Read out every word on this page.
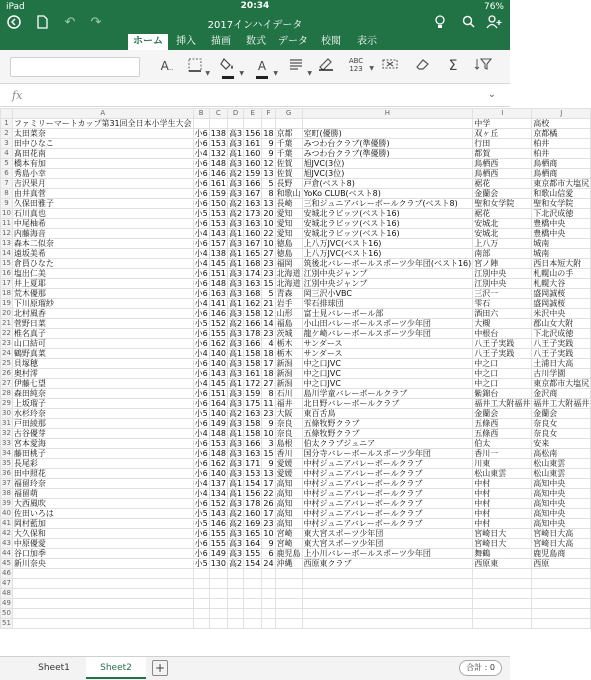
iPad	20:34	76%
↶ ↷	2017インハイデータ
ホーム	挿入	描画	数式	データ	校閲	表示
A..
▼	▼
A
▼	▼
ABC
123	▼	Σ
fx	⌄
	A	B	C	D	E	F	G	H	I	J
1	ファミリーマートカップ第31回全日本小学生大会								中学	高校
2	太田菜奈	小6	138	高3	156	18	京都	室町(優勝)	双ヶ丘	京都橘
3	田中ひなこ	小6	153	高3	161	9	千葉	みつわ台クラブ(準優勝)	行田	柏井
4	髙田花南	小4	132	高1	160	9	千葉	みつわ台クラブ(準優勝)	都賀	柏井
5	橋本有加	小6	148	高3	160	12	佐賀	旭JVC(3位)	鳥栖西	鳥栖商
6	秀島小幸	小6	146	高2	159	13	佐賀	旭JVC(3位)	鳥栖西	鳥栖商
7	吉沢果月	小6	161	高3	166	5	長野	戸倉(ベスト8)	裾花	東京都市大塩尻
8	由井真菅	小6	159	高3	167	8	和歌山	YoKo CLUB(ベスト8)	金蘭会	和歌山信愛
9	久保田雅子	小6	150	高2	163	13	長崎	三和ジュニアバレーボールクラブ(ベスト8)	聖和女学院	聖和女学院
10	石川真也	小5	153	高2	173	20	愛知	安城北ラビッツ(ベスト16)	裾花	下北沢成徳
11	中尾柚希	小6	153	高3	163	10	愛知	安城北ラビッツ(ベスト16)	安城北	豊橋中央
12	内藤海音	小4	143	高1	160	22	愛知	安城北ラビッツ(ベスト16)	安城北	豊橋中央
13	森本二似奈	小6	157	高3	167	10	徳島	上八万JVC(ベスト16)	上八万	城南
14	遠坂美希	小4	138	高1	165	27	徳島	上八万JVC(ベスト16)	南部	城南
15	倉員ひなた	小4	145	高1	168	23	福岡	筑後北バレーボールスポーツ少年団(ベスト16)	宮ノ陣	西日本短大附
16	塩出仁美	小6	151	高3	174	23	北海道	江別中央ジャンプ	江別中央	札幌山の手
17	井上夏耶	小6	148	高3	163	15	北海道	江別中央ジャンプ	江別中央	札幌大谷
18	荒木優那	小6	163	高3	168	5	青森	岡三沢小VBC	三沢一	盛岡誠桜
19	下川原瑠紗	小4	141	高1	162	21	岩手	雫石排球団	雫石	盛岡誠桜
20	北村風香	小6	146	高3	158	12	山形	富士見バレーボール部	酒田六	米沢中央
21	菅野日菜	小5	152	高2	166	14	福島	小山田バレーボールスポーツ少年団	大槻	郡山女大附
22	椎名真子	小6	155	高3	178	23	茨城	龍ケ崎バレーボールスポーツ少年団	中根台	下北沢成徳
23	山口結可	小6	162	高3	166	4	栃木	サンダース	八王子実践	八王子実践
24	鶴野真菜	小4	140	高1	158	18	栃木	サンダース	八王子実践	八王子実践
25	貝塚穂	小6	140	高3	158	17	新潟	中之口JVC	中之口	土浦日大高
26	奥村澪	小6	143	高3	161	18	新潟	中之口JVC	中之口	古川学園
27	伊藤七望	小4	145	高1	172	27	新潟	中之口JVC	中之口	東京都市大塩尻
28	森田純奈	小6	151	高3	159	8	石川	島川学童バレーボールクラブ	紫錦台	金沢商
29	上坂瑠子	小6	164	高3	175	11	福井	北日野バレーボールクラブ	福井工大附福井	福井工大附福井
30	水杉玲奈	小5	140	高2	163	23	大阪	東百舌鳥	金蘭会	金蘭会
31	戸田綾那	小6	149	高3	158	9	奈良	五條牧野クラブ	五條西	奈良女
32	古谷優芽	小4	148	高1	158	10	奈良	五條牧野クラブ	五條西	奈良女
33	宮本愛海	小6	153	高3	166	3	島根	伯太クラブジュニア	伯太	安来
34	藤田桃子	小6	148	高3	163	15	香川	国分寺バレーボールスポーツ少年団	香川一	高松南
35	長尾彩	小6	162	高3	171	9	愛媛	中村ジュニアバレーボールクラブ	川東	松山東雲
36	田中照花	小6	140	高3	153	13	愛媛	中村ジュニアバレーボールクラブ	松山東雲	松山東雲
37	福留玲奈	小4	137	高1	154	17	高知	中村ジュニアバレーボールクラブ	中村	高知中央
38	福留萌	小4	134	高1	156	22	高知	中村ジュニアバレーボールクラブ	中村	高知中央
39	大西風吹	小6	152	高3	178	26	高知	中村ジュニアバレーボールクラブ	中村	高知中央
40	佐田いろは	小5	143	高2	160	17	高知	中村ジュニアバレーボールクラブ	中村	高知中央
41	岡村藍加	小5	146	高2	169	23	高知	中村ジュニアバレーボールクラブ	中村	高知中央
42	大久保和	小6	155	高3	165	10	宮崎	東大宮スポーツ少年団	宮崎日大	宮崎日大高
43	中原優愛	小6	155	高3	164	9	宮崎	東大宮スポーツ少年団	宮崎日大	宮崎日大高
44	谷口加季	小6	149	高3	155	6	鹿児島	上小川バレーボールスポーツ少年団	舞鶴	鹿児島商
45	新川奈央	小5	130	高2	154	24	沖縄	西原東クラブ	西原東	西原
46										
47										
48										
49										
50										
51										
Sheet1	Sheet2	+	合計 : 0
